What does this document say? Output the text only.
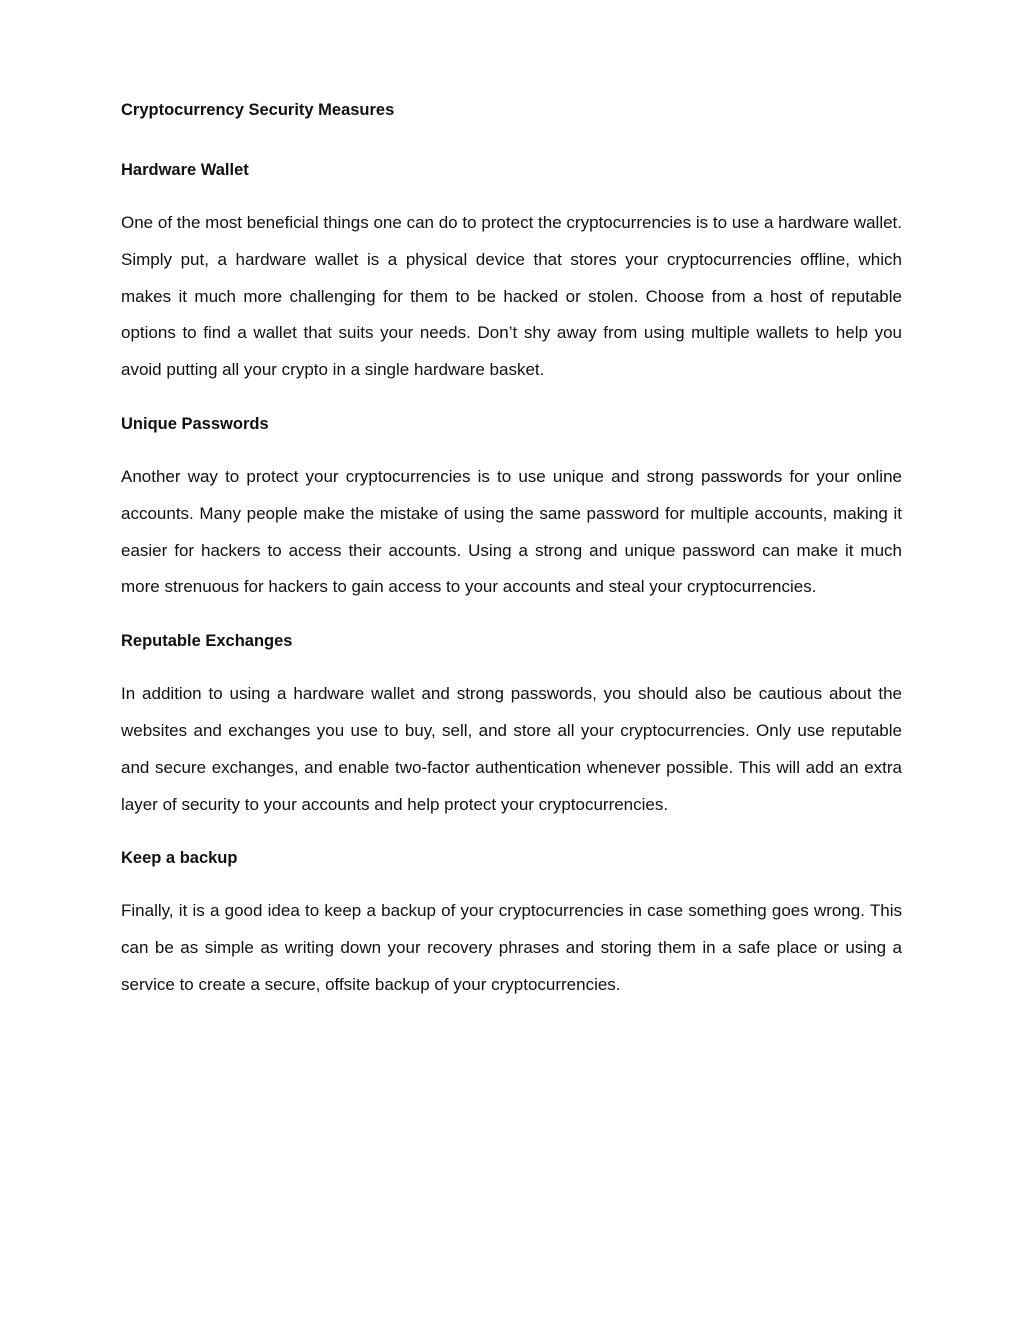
Cryptocurrency Security Measures

Hardware Wallet

One of the most beneficial things one can do to protect the cryptocurrencies is to use a hardware wallet. Simply put, a hardware wallet is a physical device that stores your cryptocurrencies offline, which makes it much more challenging for them to be hacked or stolen. Choose from a host of reputable options to find a wallet that suits your needs. Don’t shy away from using multiple wallets to help you avoid putting all your crypto in a single hardware basket.

Unique Passwords

Another way to protect your cryptocurrencies is to use unique and strong passwords for your online accounts. Many people make the mistake of using the same password for multiple accounts, making it easier for hackers to access their accounts. Using a strong and unique password can make it much more strenuous for hackers to gain access to your accounts and steal your cryptocurrencies.

Reputable Exchanges

In addition to using a hardware wallet and strong passwords, you should also be cautious about the websites and exchanges you use to buy, sell, and store all your cryptocurrencies. Only use reputable and secure exchanges, and enable two-factor authentication whenever possible. This will add an extra layer of security to your accounts and help protect your cryptocurrencies.

Keep a backup

Finally, it is a good idea to keep a backup of your cryptocurrencies in case something goes wrong. This can be as simple as writing down your recovery phrases and storing them in a safe place or using a service to create a secure, offsite backup of your cryptocurrencies.
